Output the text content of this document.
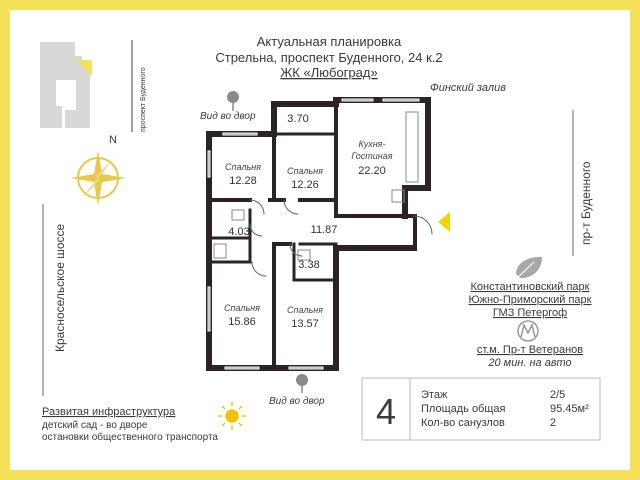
Актуальная планировка
Стрельна, проспект Буденного, 24 к.2
ЖК «Любоград»
проспект Буденного
N
Красносельское шоссе
Финский залив
пр-т Буденного
Вид во двор
Вид во двор
3.70
Спальня
12.28
Спальня
12.26
Кухня-
Гостиная
22.20
4.03	11.87
3.38
Спальня
15.86
Спальня
13.57
Константиновский парк
Южно-Приморский парк
ГМЗ Петергоф
ст.м. Пр-т Ветеранов
20 мин. на авто
Развитая инфраструктура
детский сад - во дворе
остановки общественного транспорта
4 Этаж	2/5
Площадь общая	95.45м²
Кол-во санузлов	2
